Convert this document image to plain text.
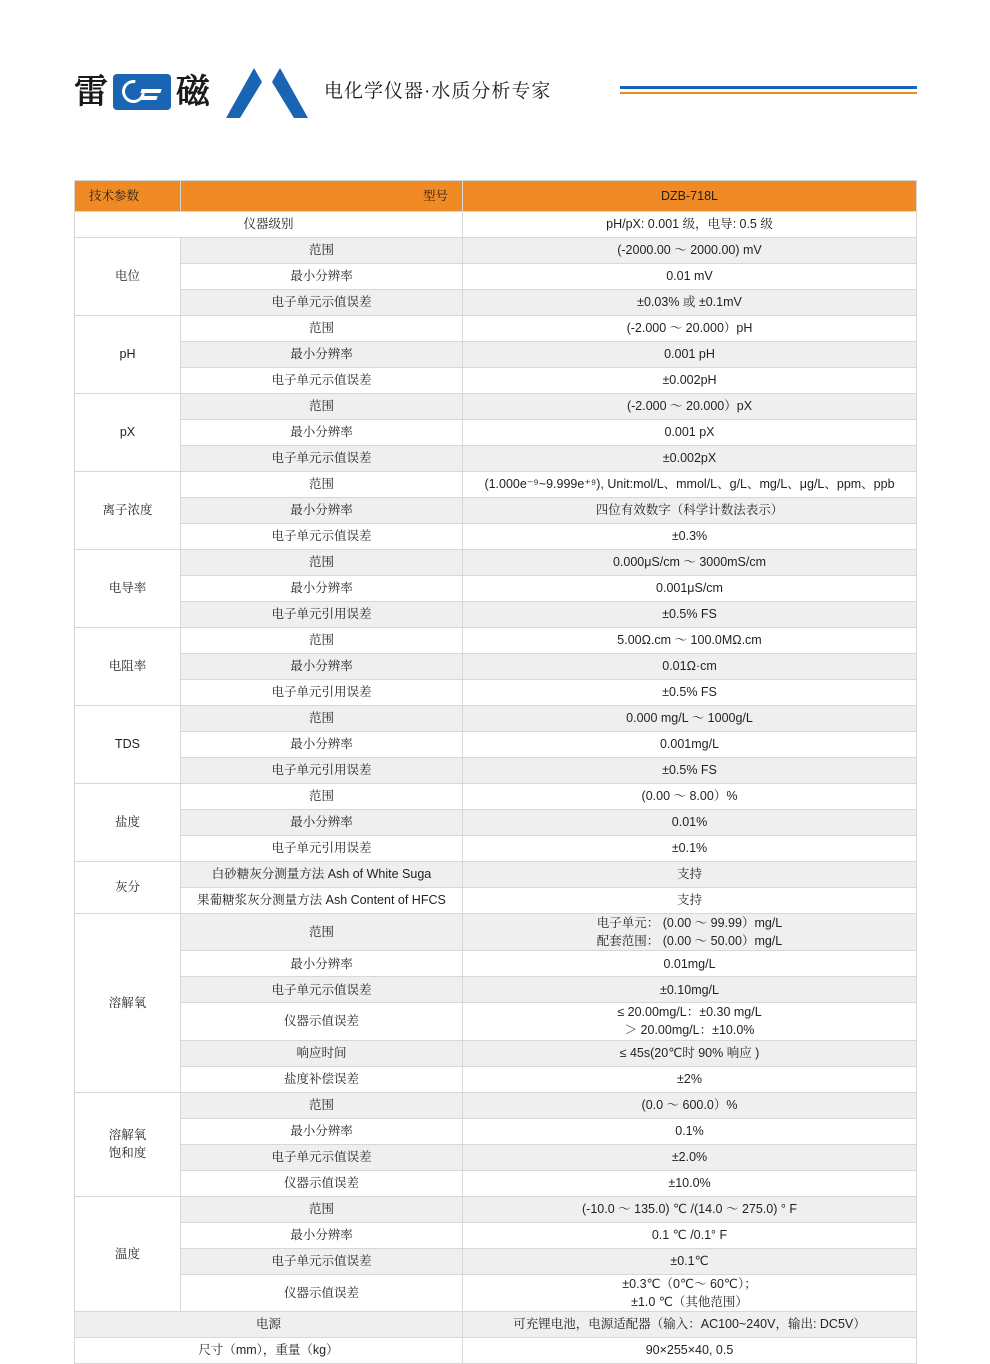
雷 磁	电化学仪器·水质分析专家
技术参数	型号	DZB-718L
仪器级别		pH/pX: 0.001 级，电导: 0.5 级
电位	范围	(-2000.00 ～ 2000.00) mV
	最小分辨率	0.01 mV
	电子单元示值误差	±0.03% 或 ±0.1mV
pH	范围	(-2.000 ～ 20.000）pH
	最小分辨率	0.001 pH
	电子单元示值误差	±0.002pH
pX	范围	(-2.000 ～ 20.000）pX
	最小分辨率	0.001 pX
	电子单元示值误差	±0.002pX
离子浓度	范围	(1.000e⁻⁹~9.999e⁺⁹), Unit:mol/L、mmol/L、g/L、mg/L、μg/L、ppm、ppb
	最小分辨率	四位有效数字（科学计数法表示）
	电子单元示值误差	±0.3%
电导率	范围	0.000μS/cm ～ 3000mS/cm
	最小分辨率	0.001μS/cm
	电子单元引用误差	±0.5% FS
电阻率	范围	5.00Ω.cm ～ 100.0MΩ.cm
	最小分辨率	0.01Ω·cm
	电子单元引用误差	±0.5% FS
TDS	范围	0.000 mg/L ～ 1000g/L
	最小分辨率	0.001mg/L
	电子单元引用误差	±0.5% FS
盐度	范围	(0.00 ～ 8.00）%
	最小分辨率	0.01%
	电子单元引用误差	±0.1%
灰分	白砂糖灰分测量方法 Ash of White Suga	支持
	果葡糖浆灰分测量方法 Ash Content of HFCS	支持
溶解氧	范围	电子单元： (0.00 ～ 99.99）mg/L
配套范围： (0.00 ～ 50.00）mg/L
	最小分辨率	0.01mg/L
	电子单元示值误差	±0.10mg/L
	仪器示值误差	≤ 20.00mg/L：±0.30 mg/L
＞ 20.00mg/L：±10.0%
	响应时间	≤ 45s(20℃时 90% 响应 )
	盐度补偿误差	±2%
溶解氧
饱和度	范围	(0.0 ～ 600.0）%
	最小分辨率	0.1%
	电子单元示值误差	±2.0%
	仪器示值误差	±10.0%
温度	范围	(-10.0 ～ 135.0) ℃ /(14.0 ～ 275.0) ° F
	最小分辨率	0.1 ℃ /0.1° F
	电子单元示值误差	±0.1℃
	仪器示值误差	±0.3℃（0℃～ 60℃）；
±1.0 ℃（其他范围）
电源		可充锂电池，电源适配器（输入：AC100~240V，输出: DC5V）
尺寸（mm），重量（kg）		90×255×40, 0.5
